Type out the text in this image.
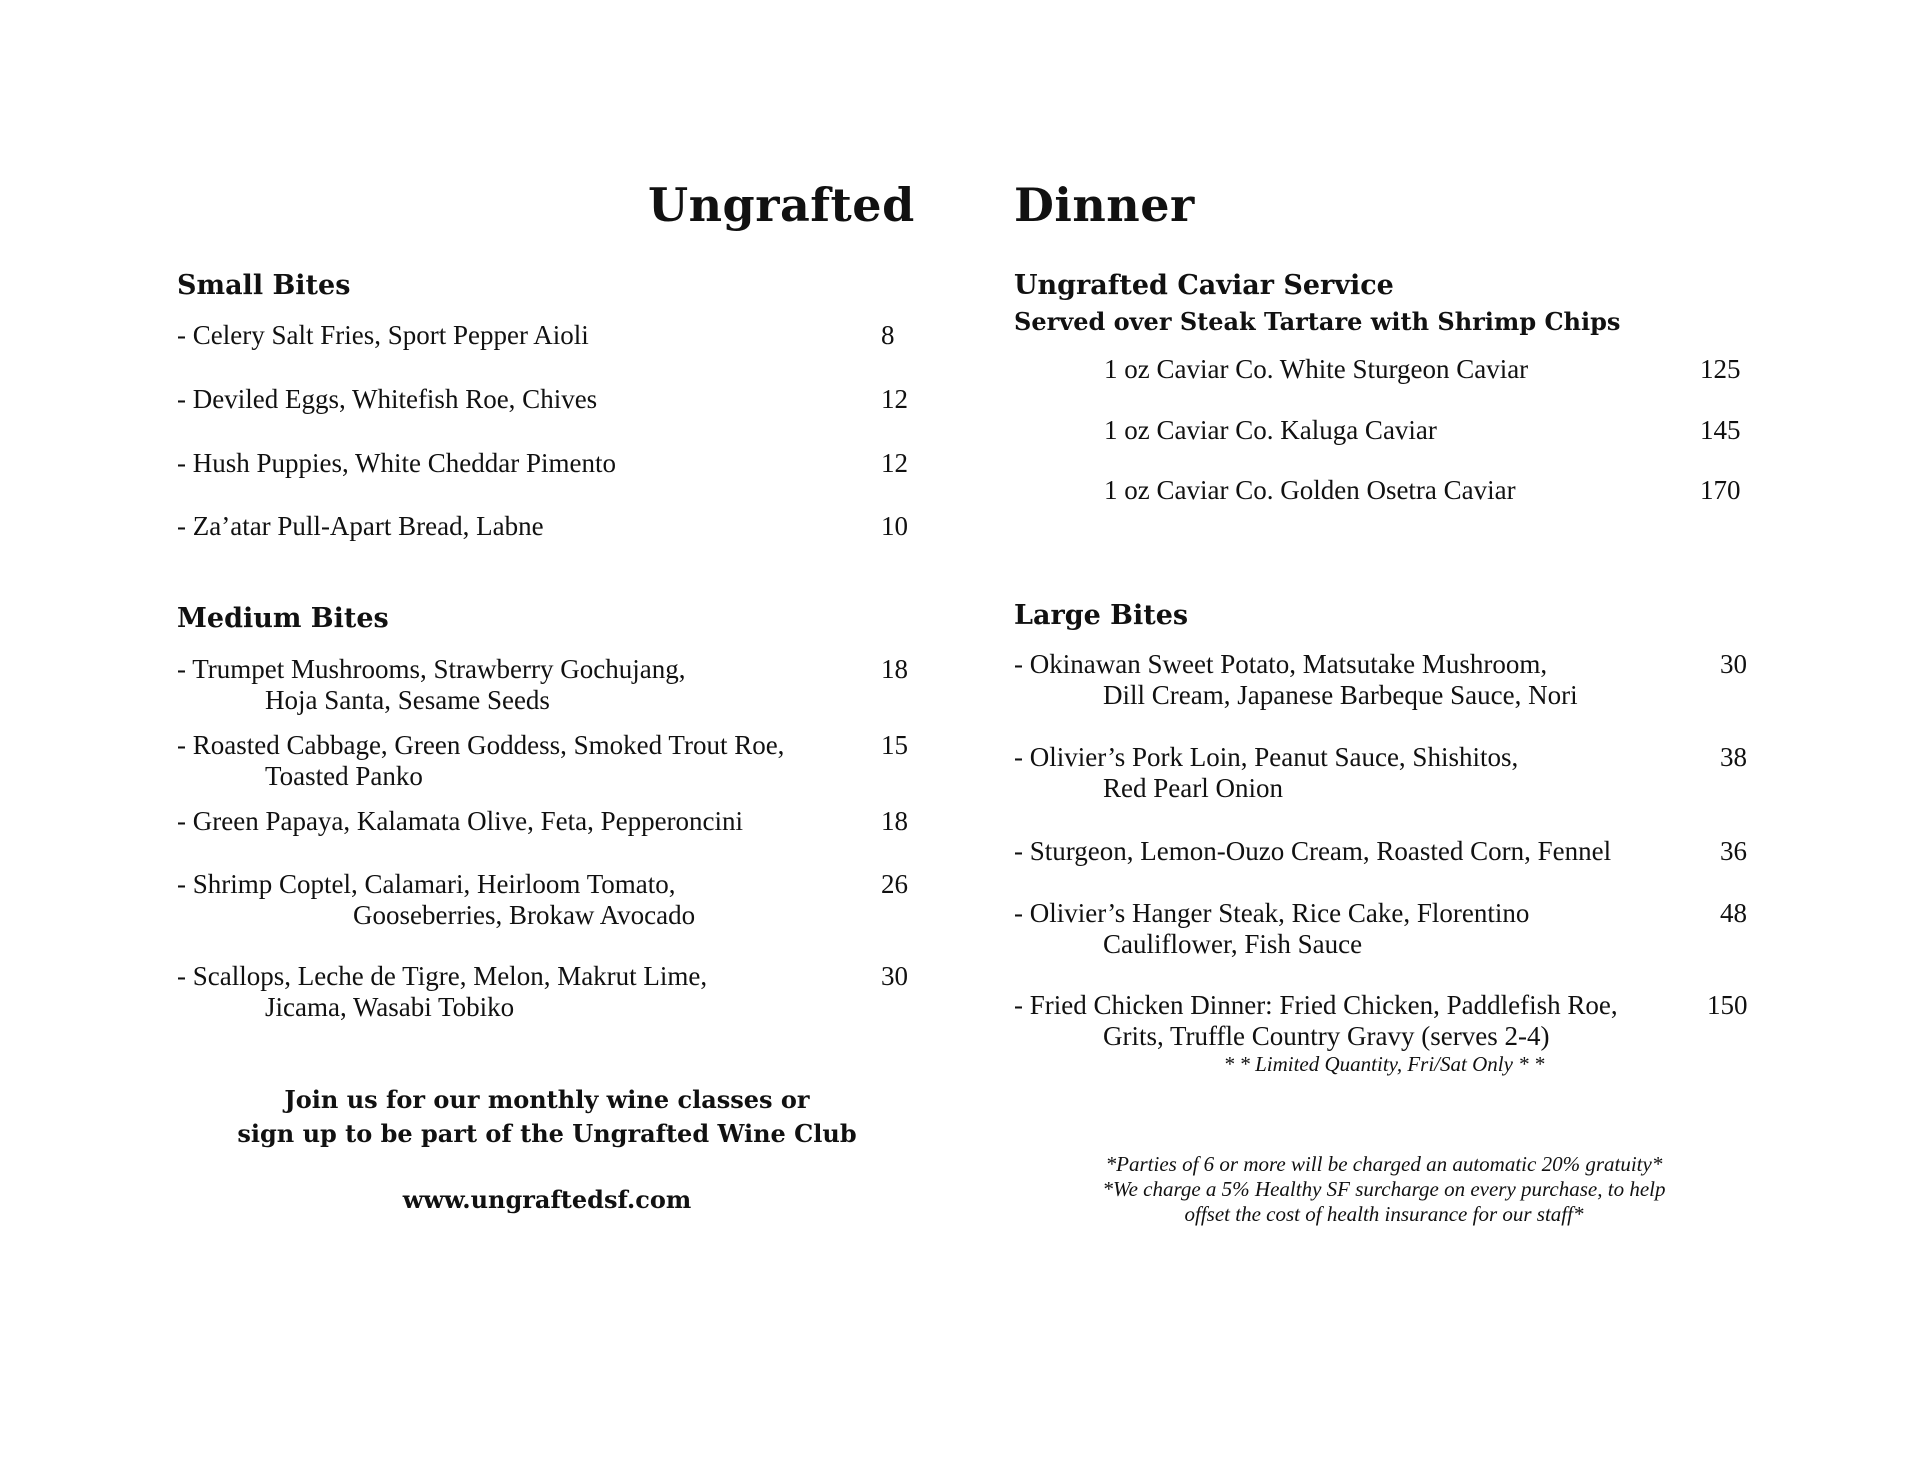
Ungrafted Dinner
Small Bites
- Celery Salt Fries, Sport Pepper Aioli	8
- Deviled Eggs, Whitefish Roe, Chives	12
- Hush Puppies, White Cheddar Pimento	12
- Za’atar Pull-Apart Bread, Labne	10
Medium Bites
- Trumpet Mushrooms, Strawberry Gochujang,
Hoja Santa, Sesame Seeds
18
- Roasted Cabbage, Green Goddess, Smoked Trout Roe,
Toasted Panko
15
- Green Papaya, Kalamata Olive, Feta, Pepperoncini	18
- Shrimp Coptel, Calamari, Heirloom Tomato,
Gooseberries, Brokaw Avocado
26
- Scallops, Leche de Tigre, Melon, Makrut Lime,
Jicama, Wasabi Tobiko
30
Join us for our monthly wine classes or
sign up to be part of the Ungrafted Wine Club
www.ungraftedsf.com
Ungrafted Caviar Service
Served over Steak Tartare with Shrimp Chips
1 oz Caviar Co. White Sturgeon Caviar	125
1 oz Caviar Co. Kaluga Caviar	145
1 oz Caviar Co. Golden Osetra Caviar	170
Large Bites
- Okinawan Sweet Potato, Matsutake Mushroom,
Dill Cream, Japanese Barbeque Sauce, Nori
30
- Olivier’s Pork Loin, Peanut Sauce, Shishitos,
Red Pearl Onion
38
- Sturgeon, Lemon-Ouzo Cream, Roasted Corn, Fennel	36
- Olivier’s Hanger Steak, Rice Cake, Florentino
Cauliflower, Fish Sauce
48
- Fried Chicken Dinner: Fried Chicken, Paddlefish Roe,
Grits, Truffle Country Gravy (serves 2-4)
150
* * Limited Quantity, Fri/Sat Only * *
*Parties of 6 or more will be charged an automatic 20% gratuity*
*We charge a 5% Healthy SF surcharge on every purchase, to help
offset the cost of health insurance for our staff*
